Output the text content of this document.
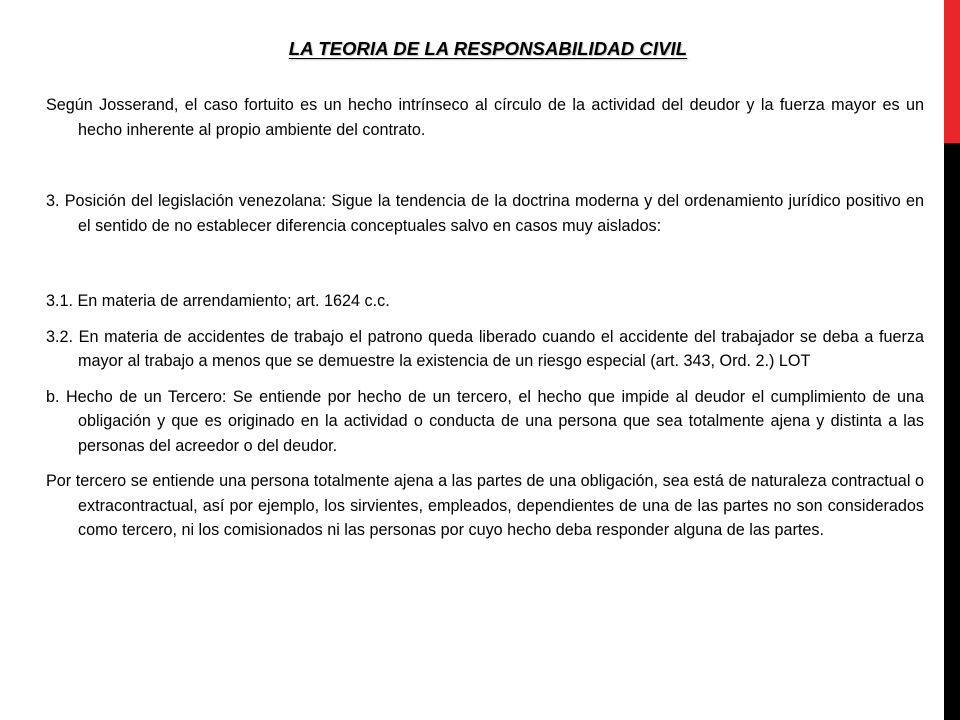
LA TEORIA DE LA RESPONSABILIDAD CIVIL

Según Josserand, el caso fortuito es un hecho intrínseco al círculo de la actividad del deudor y la fuerza mayor es un hecho inherente al propio ambiente del contrato.

3. Posición del legislación venezolana: Sigue la tendencia de la doctrina moderna y del ordenamiento jurídico positivo en el sentido de no establecer diferencia conceptuales salvo en casos muy aislados:

3.1. En materia de arrendamiento; art. 1624 c.c.

3.2. En materia de accidentes de trabajo el patrono queda liberado cuando el accidente del trabajador se deba a fuerza mayor al trabajo a menos que se demuestre la existencia de un riesgo especial (art. 343, Ord. 2.) LOT

b. Hecho de un Tercero: Se entiende por hecho de un tercero, el hecho que impide al deudor el cumplimiento de una obligación y que es originado en la actividad o conducta de una persona que sea totalmente ajena y distinta a las personas del acreedor o del deudor.

Por tercero se entiende una persona totalmente ajena a las partes de una obligación, sea está de naturaleza contractual o extracontractual, así por ejemplo, los sirvientes, empleados, dependientes de una de las partes no son considerados como tercero, ni los comisionados ni las personas por cuyo hecho deba responder alguna de las partes.
